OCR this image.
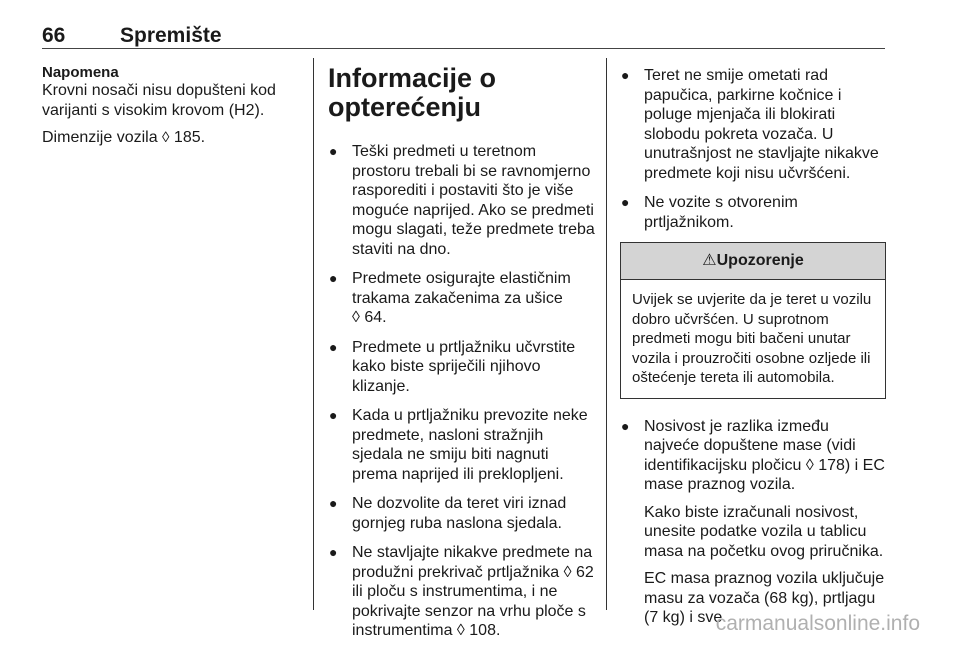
66	Spremište
Napomena

Krovni nosači nisu dopušteni kod varijanti s visokim krovom (H2).

Dimenzije vozila ◊ 185.

Informacije o opterećenju
● Teški predmeti u teretnom prostoru trebali bi se ravnomjerno rasporediti i postaviti što je više moguće naprijed. Ako se predmeti mogu slagati, teže predmete treba staviti na dno.
● Predmete osigurajte elastičnim trakama zakačenima za ušice
◊ 64.
● Predmete u prtljažniku učvrstite kako biste spriječili njihovo klizanje.
● Kada u prtljažniku prevozite neke predmete, nasloni stražnjih sjedala ne smiju biti nagnuti prema naprijed ili preklopljeni.
● Ne dozvolite da teret viri iznad gornjeg ruba naslona sjedala.
● Ne stavljajte nikakve predmete na produžni prekrivač prtljažnika ◊ 62 ili ploču s instrumentima, i ne pokrivajte senzor na vrhu ploče s instrumentima ◊ 108.
● Teret ne smije ometati rad papučica, parkirne kočnice i poluge mjenjača ili blokirati slobodu pokreta vozača. U unutrašnjost ne stavljajte nikakve predmete koji nisu učvršćeni.
● Ne vozite s otvorenim prtljažnikom.
⚠Upozorenje
Uvijek se uvjerite da je teret u vozilu dobro učvršćen. U suprotnom predmeti mogu biti bačeni unutar vozila i prouzročiti osobne ozljede ili oštećenje tereta ili automobila.
● Nosivost je razlika između najveće dopuštene mase (vidi identifikacijsku pločicu ◊ 178) i EC mase praznog vozila.
Kako biste izračunali nosivost, unesite podatke vozila u tablicu masa na početku ovog priručnika.
EC masa praznog vozila uključuje masu za vozača (68 kg), prtljagu (7 kg) i sve
carmanualsonline.info
